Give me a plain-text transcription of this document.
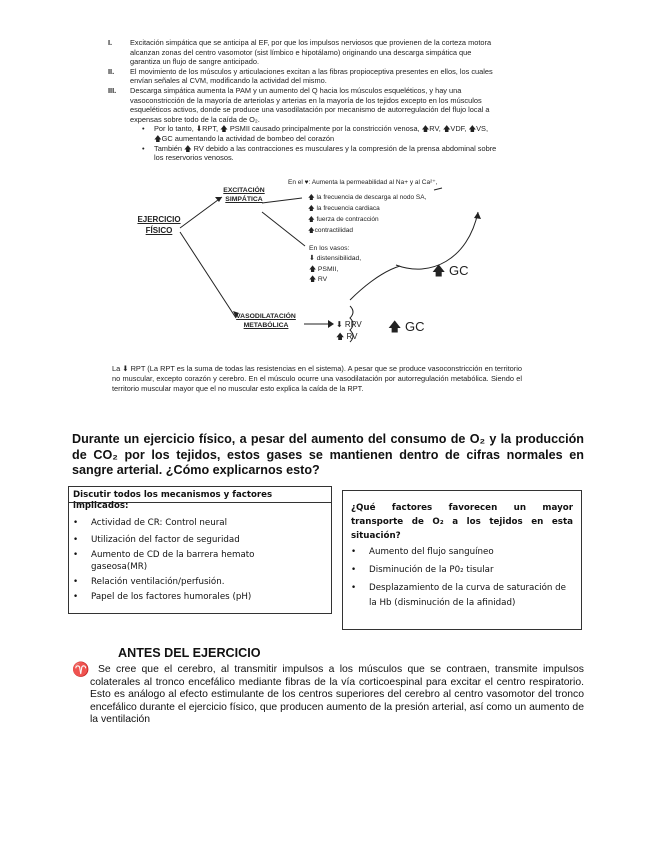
I.	Excitación simpática que se anticipa al EF, por que los impulsos nerviosos que provienen de la corteza motora alcanzan zonas del centro vasomotor (sist límbico e hipotálamo) originando una descarga simpática que garantiza un flujo de sangre anticipado.
II.	El movimiento de los músculos y articulaciones excitan a las fibras propioceptiva presentes en ellos, los cuales envían señales al CVM, modificando la actividad del mismo.
III.	Descarga simpática aumenta la PAM y un aumento del Q hacia los músculos esqueléticos, y hay una vasoconstricción de la mayoría de arteriolas y arterias en la mayoría de los tejidos excepto en los músculos esqueléticos activos, donde se produce una vasodilatación por mecanismo de autorregulación del flujo local a expensas sobre todo de la caída de O₂.
•	Por lo tanto, ⬇RPT, 🡅 PSMII causado principalmente por la constricción venosa, 🡅RV, 🡅VDF, 🡅VS, 🡅GC aumentando la actividad de bombeo del corazón
•	También 🡅 RV debido a las contracciones es musculares y la compresión de la prensa abdominal sobre los reservorios venosos.
EJERCICIO FÍSICO
EXCITACIÓN SIMPÁTICA
En el ♥: Aumenta la permeabilidad al Na+ y al Ca²⁺,
🡅 la frecuencia de descarga al nodo SA,
🡅 la frecuencia cardiaca
🡅 fuerza de contracción
🡅contractilidad
En los vasos:
⬇ distensibilidad,
🡅 PSMII,
🡅 RV
🡅 GC
VASODILATACIÓN METABÓLICA	⬇ RRV
🡅 RV
🡅 GC
La ⬇ RPT (La RPT es la suma de todas las resistencias en el sistema). A pesar que se produce vasoconstricción en territorio no muscular, excepto corazón y cerebro. En el músculo ocurre una vasodilatación por autorregulación metabólica. Siendo el territorio muscular mayor que el no muscular esto explica la caída de la RPT.
Durante un ejercicio físico, a pesar del aumento del consumo de O₂ y la producción de CO₂ por los tejidos, estos gases se mantienen dentro de cifras normales en sangre arterial. ¿Cómo explicarnos esto?
Discutir todos los mecanismos y factores implicados:
•	Actividad de CR: Control neural
•	Utilización del factor de seguridad
•	Aumento de CD de la barrera hemato gaseosa(MR)
•	Relación ventilación/perfusión.
•	Papel de los factores humorales (pH)
¿Qué factores favorecen un mayor transporte de O₂ a los tejidos en esta situación?
•	Aumento del flujo sanguíneo
•	Disminución de la P0₂ tisular
•	Desplazamiento de la curva de saturación de la Hb (disminución de la afinidad)
ANTES DEL EJERCICIO
♈ Se cree que el cerebro, al transmitir impulsos a los músculos que se contraen, transmite impulsos colaterales al tronco encefálico mediante fibras de la vía corticoespinal para excitar el centro respiratorio. Esto es análogo al efecto estimulante de los centros superiores del cerebro al centro vasomotor del tronco encefálico durante el ejercicio físico, que producen aumento de la presión arterial, así como un aumento de la ventilación
